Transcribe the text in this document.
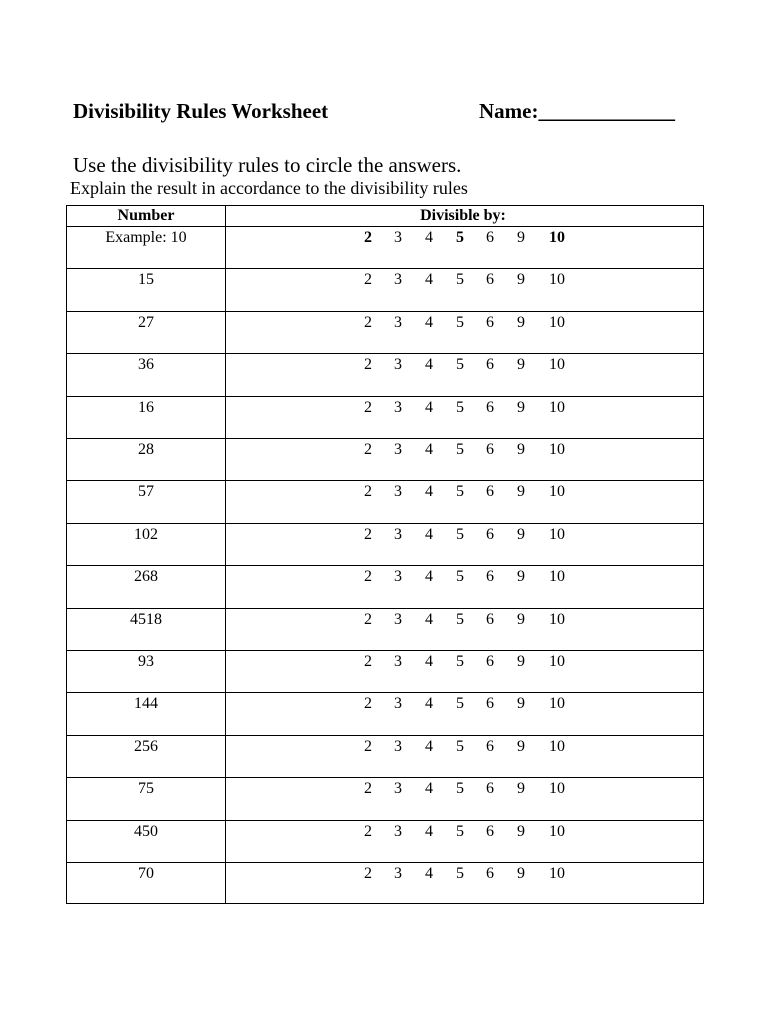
Divisibility Rules Worksheet	Name:_____________
Use the divisibility rules to circle the answers.
Explain the result in accordance to the divisibility rules
Number	Divisible by:
Example: 10	2	3	4	5	6	9	10
15	2	3	4	5	6	9	10
27	2	3	4	5	6	9	10
36	2	3	4	5	6	9	10
16	2	3	4	5	6	9	10
28	2	3	4	5	6	9	10
57	2	3	4	5	6	9	10
102	2	3	4	5	6	9	10
268	2	3	4	5	6	9	10
4518	2	3	4	5	6	9	10
93	2	3	4	5	6	9	10
144	2	3	4	5	6	9	10
256	2	3	4	5	6	9	10
75	2	3	4	5	6	9	10
450	2	3	4	5	6	9	10
70	2	3	4	5	6	9	10
